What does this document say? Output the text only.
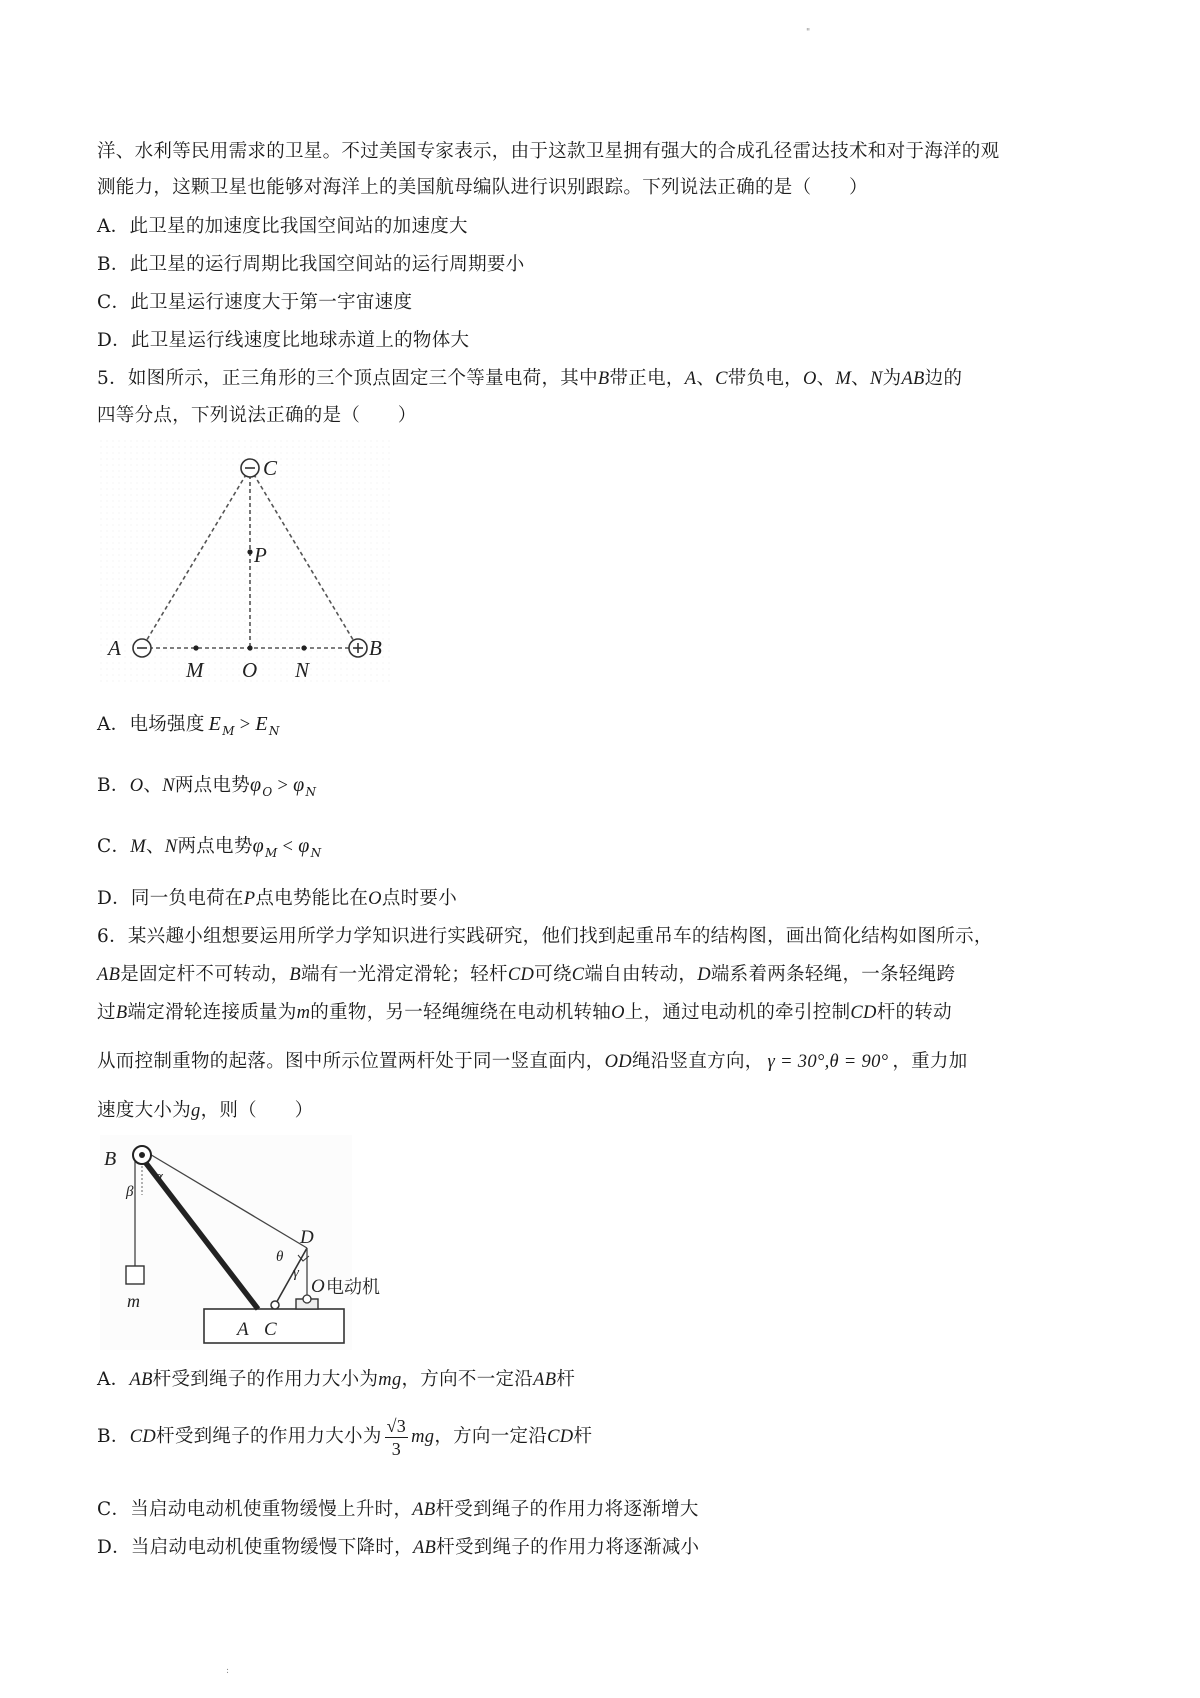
"
洋、水利等民用需求的卫星。不过美国专家表示，由于这款卫星拥有强大的合成孔径雷达技术和对于海洋的观
测能力，这颗卫星也能够对海洋上的美国航母编队进行识别跟踪。下列说法正确的是（　　）
A．此卫星的加速度比我国空间站的加速度大
B．此卫星的运行周期比我国空间站的运行周期要小
C．此卫星运行速度大于第一宇宙速度
D．此卫星运行线速度比地球赤道上的物体大
5．如图所示，正三角形的三个顶点固定三个等量电荷，其中B带正电，A、C带负电，O、M、N为AB边的
四等分点，下列说法正确的是（　　）
C
P
A	B
M O N
A．电场强度 $E_M > E_N$
B．O、N两点电势$\varphi_O > \varphi_N$
C．M、N两点电势$\varphi_M < \varphi_N$
D．同一负电荷在P点电势能比在O点时要小
6．某兴趣小组想要运用所学力学知识进行实践研究，他们找到起重吊车的结构图，画出简化结构如图所示，
AB是固定杆不可转动，B端有一光滑定滑轮；轻杆CD可绕C端自由转动，D端系着两条轻绳，一条轻绳跨
过B端定滑轮连接质量为m的重物，另一轻绳缠绕在电动机转轴O上，通过电动机的牵引控制CD杆的转动
从而控制重物的起落。图中所示位置两杆处于同一竖直面内，OD绳沿竖直方向， γ = 30°,θ = 90° ，重力加
速度大小为g，则（　　）
B
α
β
m
D
θ
γ
O
A C
电动机
A．AB杆受到绳子的作用力大小为mg，方向不一定沿AB杆
B．CD杆受到绳子的作用力大小为 $\frac{√3}{3}$ mg，方向一定沿CD杆
C．当启动电动机使重物缓慢上升时，AB杆受到绳子的作用力将逐渐增大
D．当启动电动机使重物缓慢下降时，AB杆受到绳子的作用力将逐渐减小
:
